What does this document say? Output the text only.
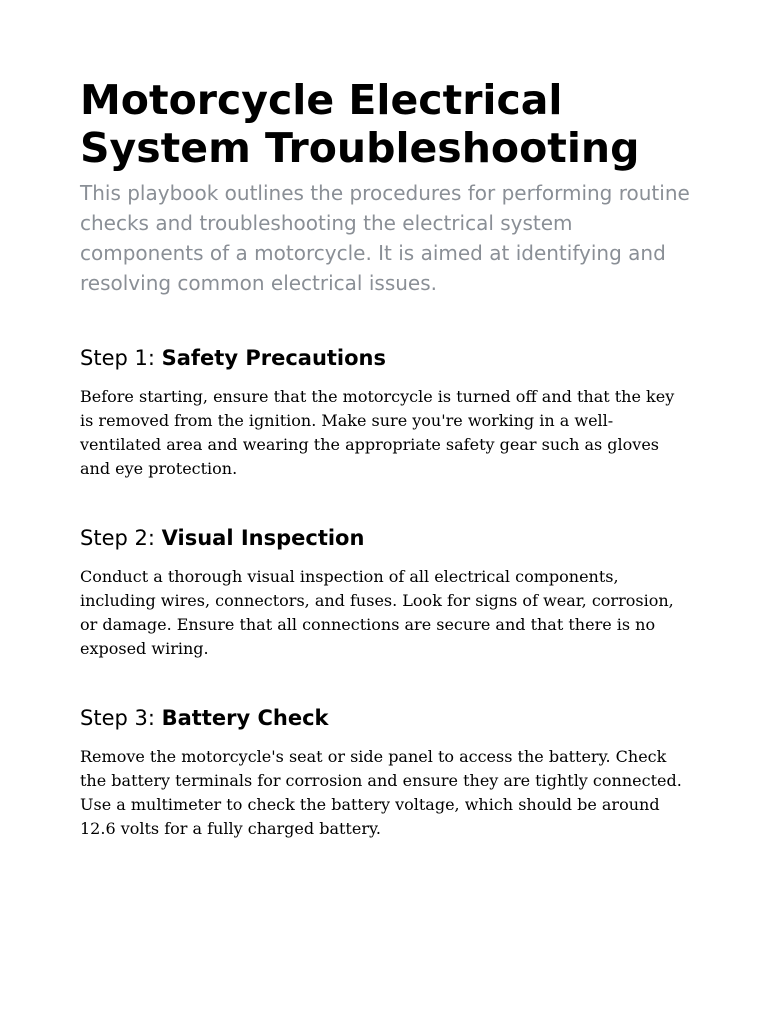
Motorcycle Electrical System Troubleshooting

This playbook outlines the procedures for performing routine checks and troubleshooting the electrical system components of a motorcycle. It is aimed at identifying and resolving common electrical issues.

Step 1: Safety Precautions

Before starting, ensure that the motorcycle is turned off and that the key is removed from the ignition. Make sure you're working in a well-ventilated area and wearing the appropriate safety gear such as gloves and eye protection.

Step 2: Visual Inspection

Conduct a thorough visual inspection of all electrical components, including wires, connectors, and fuses. Look for signs of wear, corrosion, or damage. Ensure that all connections are secure and that there is no exposed wiring.

Step 3: Battery Check

Remove the motorcycle's seat or side panel to access the battery. Check the battery terminals for corrosion and ensure they are tightly connected. Use a multimeter to check the battery voltage, which should be around 12.6 volts for a fully charged battery.
